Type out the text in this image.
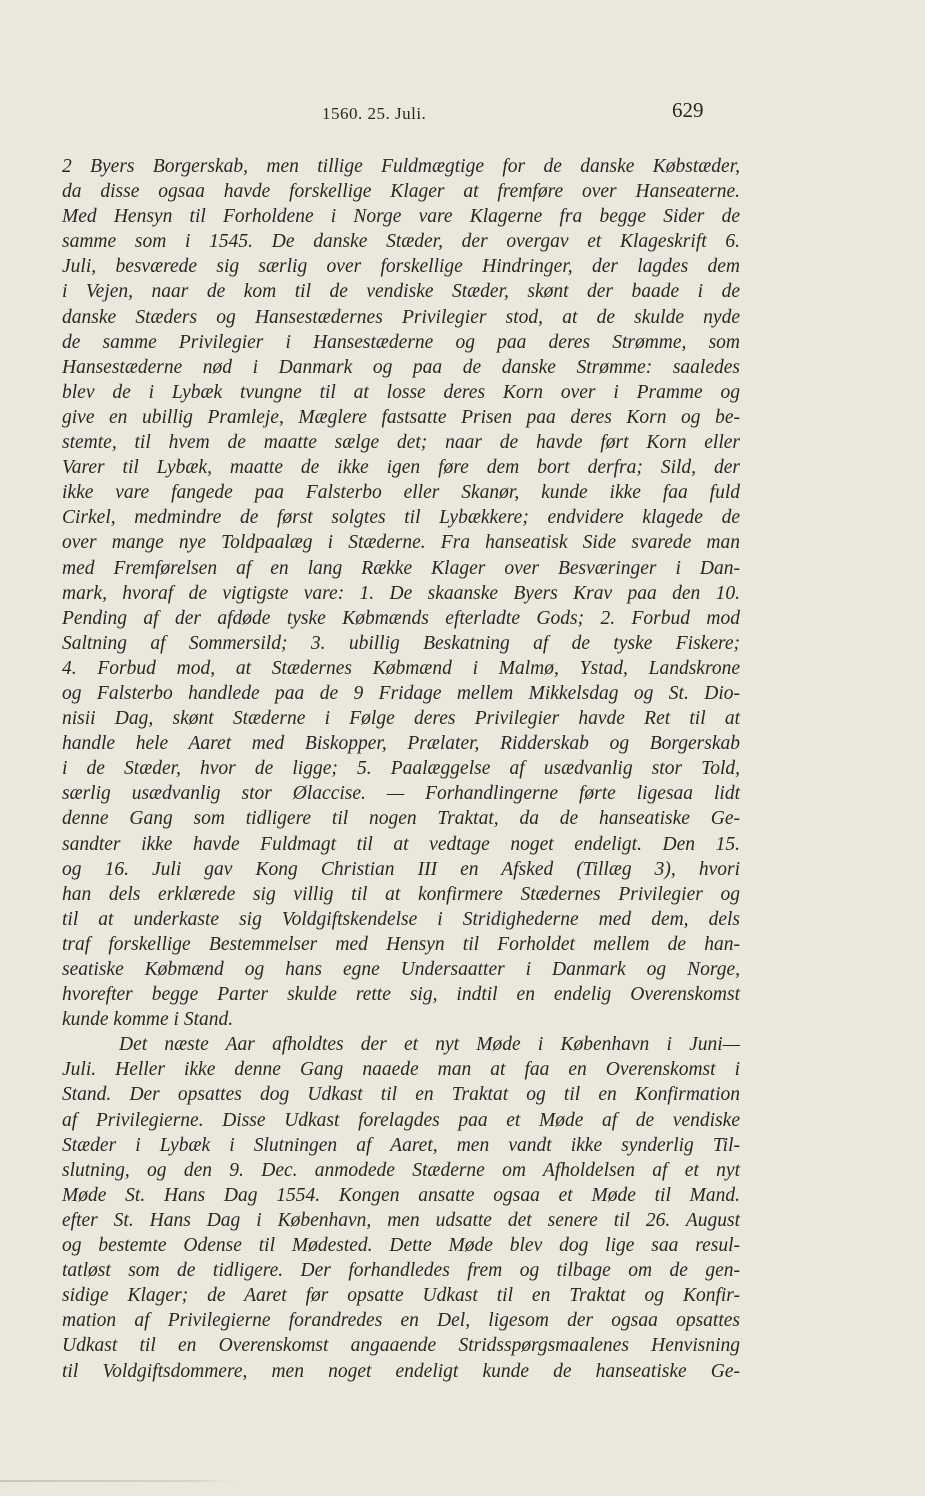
1560. 25. Juli.	629
2 Byers Borgerskab, men tillige Fuldmægtige for de danske Købstæder,
da disse ogsaa havde forskellige Klager at fremføre over Hanseaterne.
Med Hensyn til Forholdene i Norge vare Klagerne fra begge Sider de
samme som i 1545. De danske Stæder, der overgav et Klageskrift 6.
Juli, besværede sig særlig over forskellige Hindringer, der lagdes dem
i Vejen, naar de kom til de vendiske Stæder, skønt der baade i de
danske Stæders og Hansestædernes Privilegier stod, at de skulde nyde
de samme Privilegier i Hansestæderne og paa deres Strømme, som
Hansestæderne nød i Danmark og paa de danske Strømme: saaledes
blev de i Lybæk tvungne til at losse deres Korn over i Pramme og
give en ubillig Pramleje, Mæglere fastsatte Prisen paa deres Korn og be-
stemte, til hvem de maatte sælge det; naar de havde ført Korn eller
Varer til Lybæk, maatte de ikke igen føre dem bort derfra; Sild, der
ikke vare fangede paa Falsterbo eller Skanør, kunde ikke faa fuld
Cirkel, medmindre de først solgtes til Lybækkere; endvidere klagede de
over mange nye Toldpaalæg i Stæderne. Fra hanseatisk Side svarede man
med Fremførelsen af en lang Række Klager over Besværinger i Dan-
mark, hvoraf de vigtigste vare: 1. De skaanske Byers Krav paa den 10.
Pending af der afdøde tyske Købmænds efterladte Gods; 2. Forbud mod
Saltning af Sommersild; 3. ubillig Beskatning af de tyske Fiskere;
4. Forbud mod, at Stædernes Købmænd i Malmø, Ystad, Landskrone
og Falsterbo handlede paa de 9 Fridage mellem Mikkelsdag og St. Dio-
nisii Dag, skønt Stæderne i Følge deres Privilegier havde Ret til at
handle hele Aaret med Biskopper, Prælater, Ridderskab og Borgerskab
i de Stæder, hvor de ligge; 5. Paalæggelse af usædvanlig stor Told,
særlig usædvanlig stor Ølaccise. — Forhandlingerne førte ligesaa lidt
denne Gang som tidligere til nogen Traktat, da de hanseatiske Ge-
sandter ikke havde Fuldmagt til at vedtage noget endeligt. Den 15.
og 16. Juli gav Kong Christian III en Afsked (Tillæg 3), hvori
han dels erklærede sig villig til at konfirmere Stædernes Privilegier og
til at underkaste sig Voldgiftskendelse i Stridighederne med dem, dels
traf forskellige Bestemmelser med Hensyn til Forholdet mellem de han-
seatiske Købmænd og hans egne Undersaatter i Danmark og Norge,
hvorefter begge Parter skulde rette sig, indtil en endelig Overenskomst
kunde komme i Stand.
Det næste Aar afholdtes der et nyt Møde i København i Juni—
Juli. Heller ikke denne Gang naaede man at faa en Overenskomst i
Stand. Der opsattes dog Udkast til en Traktat og til en Konfirmation
af Privilegierne. Disse Udkast forelagdes paa et Møde af de vendiske
Stæder i Lybæk i Slutningen af Aaret, men vandt ikke synderlig Til-
slutning, og den 9. Dec. anmodede Stæderne om Afholdelsen af et nyt
Møde St. Hans Dag 1554. Kongen ansatte ogsaa et Møde til Mand.
efter St. Hans Dag i København, men udsatte det senere til 26. August
og bestemte Odense til Mødested. Dette Møde blev dog lige saa resul-
tatløst som de tidligere. Der forhandledes frem og tilbage om de gen-
sidige Klager; de Aaret før opsatte Udkast til en Traktat og Konfir-
mation af Privilegierne forandredes en Del, ligesom der ogsaa opsattes
Udkast til en Overenskomst angaaende Stridsspørgsmaalenes Henvisning
til Voldgiftsdommere, men noget endeligt kunde de hanseatiske Ge-
